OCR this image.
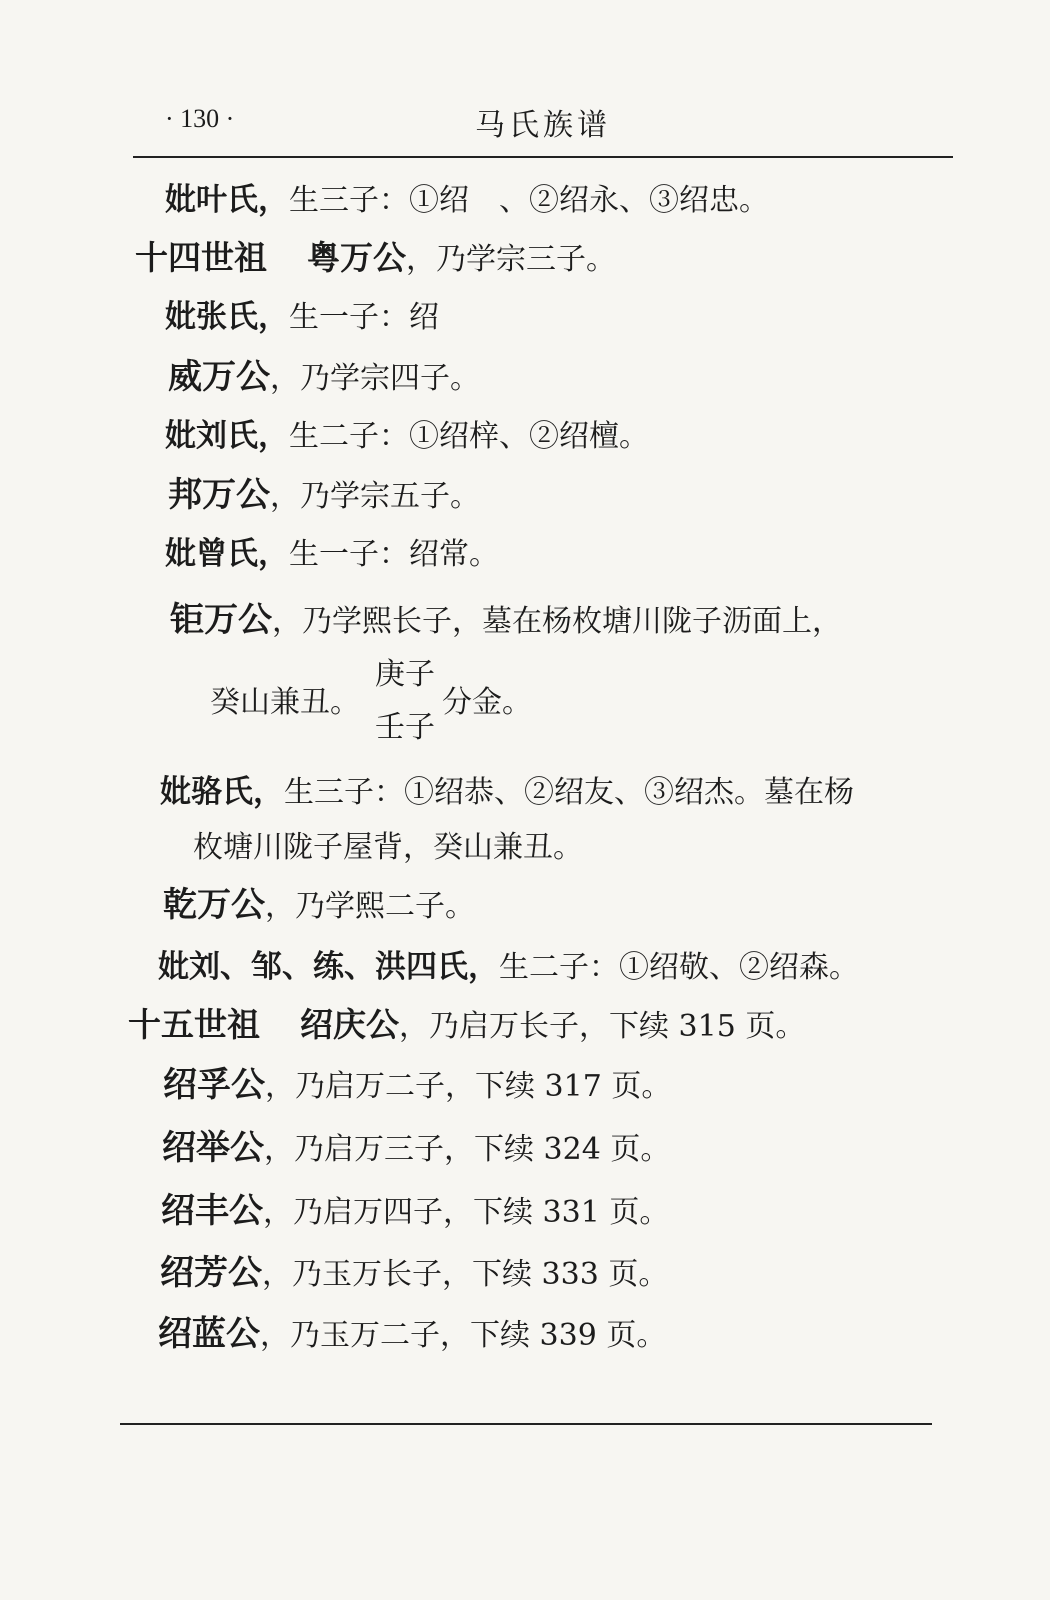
· 130 ·	马氏族谱
妣叶氏，生三子：①绍　、②绍永、③绍忠。
十四世祖 粤万公，乃学宗三子。
妣张氏，生一子：绍
威万公，乃学宗四子。
妣刘氏，生二子：①绍梓、②绍檀。
邦万公，乃学宗五子。
妣曾氏，生一子：绍常。
钜万公，乃学熙长子，墓在杨枚塘川陇子沥面上，
癸山兼丑。
庚子
壬子
分金。
妣骆氏，生三子：①绍恭、②绍友、③绍杰。墓在杨
枚塘川陇子屋背，癸山兼丑。
乾万公，乃学熙二子。
妣刘、邹、练、洪四氏，生二子：①绍敬、②绍森。
十五世祖 绍庆公，乃启万长子，下续 315 页。
绍孚公，乃启万二子，下续 317 页。
绍举公，乃启万三子，下续 324 页。
绍丰公，乃启万四子，下续 331 页。
绍芳公，乃玉万长子，下续 333 页。
绍蓝公，乃玉万二子，下续 339 页。
